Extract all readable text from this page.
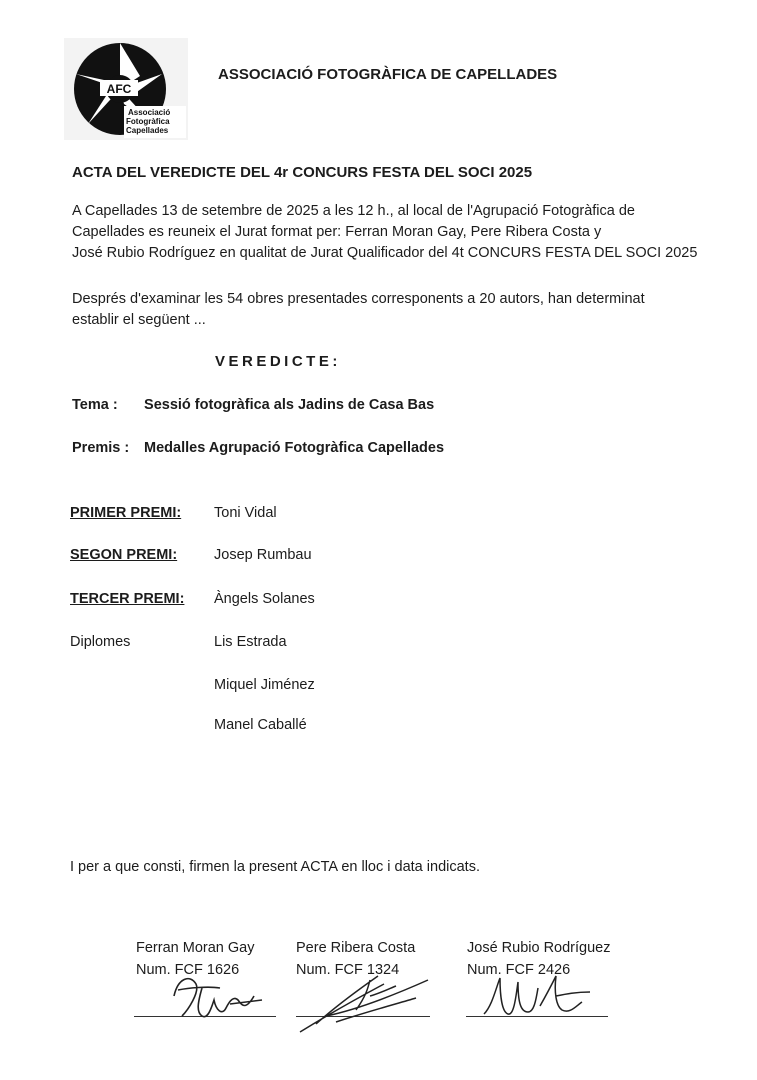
AFC
Associació
Fotogràfica
Capellades
ASSOCIACIÓ FOTOGRÀFICA DE CAPELLADES
ACTA DEL VEREDICTE DEL 4r CONCURS FESTA DEL SOCI 2025
A Capellades 13 de setembre de 2025 a les 12 h., al local de l'Agrupació Fotogràfica de
Capellades es reuneix el Jurat format per: Ferran Moran Gay, Pere Ribera Costa y
José Rubio Rodríguez en qualitat de Jurat Qualificador del 4t CONCURS FESTA DEL SOCI 2025
Després d'examinar les 54 obres presentades corresponents a 20 autors, han determinat
establir el següent ...
VEREDICTE:
Tema : Sessió fotogràfica als Jadins de Casa Bas
Premis : Medalles Agrupació Fotogràfica Capellades
PRIMER PREMI: Toni Vidal
SEGON PREMI:	Josep Rumbau
TERCER PREMI: Àngels Solanes
Diplomes	Lis Estrada
Miquel Jiménez
Manel Caballé
I per a que consti, firmen la present ACTA en lloc i data indicats.
Ferran Moran Gay
Num. FCF 1626
Pere Ribera Costa
Num. FCF 1324
José Rubio Rodríguez
Num. FCF 2426
